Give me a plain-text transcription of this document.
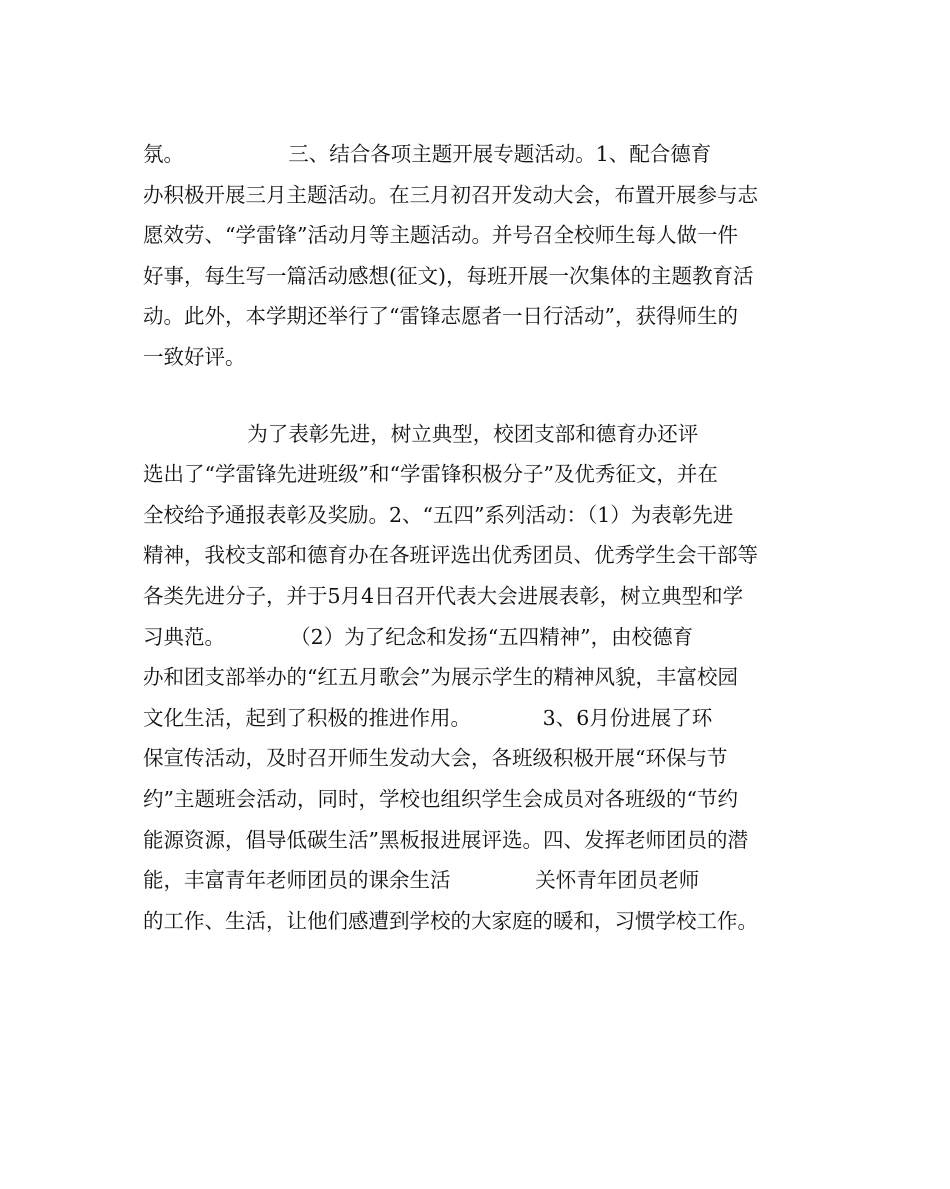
氛。                三、结合各项主题开展专题活动。1、配合德育
办积极开展三月主题活动。在三月初召开发动大会，布置开展参与志
愿效劳、“学雷锋”活动月等主题活动。并号召全校师生每人做一件
好事，每生写一篇活动感想(征文)，每班开展一次集体的主题教育活
动。此外，本学期还举行了“雷锋志愿者一日行活动”，获得师生的
一致好评。
为了表彰先进，树立典型，校团支部和德育办还评
选出了“学雷锋先进班级”和“学雷锋积极分子”及优秀征文，并在
全校给予通报表彰及奖励。2、“五四”系列活动：（1）为表彰先进
精神，我校支部和德育办在各班评选出优秀团员、优秀学生会干部等
各类先进分子，并于5月4日召开代表大会进展表彰，树立典型和学
习典范。          （2）为了纪念和发扬“五四精神”，由校德育
办和团支部举办的“红五月歌会”为展示学生的精神风貌，丰富校园
文化生活，起到了积极的推进作用。           3、6月份进展了环
保宣传活动，及时召开师生发动大会，各班级积极开展“环保与节
约”主题班会活动，同时，学校也组织学生会成员对各班级的“节约
能源资源，倡导低碳生活”黑板报进展评选。四、发挥老师团员的潜
能，丰富青年老师团员的课余生活             关怀青年团员老师
的工作、生活，让他们感遭到学校的大家庭的暖和，习惯学校工作。
